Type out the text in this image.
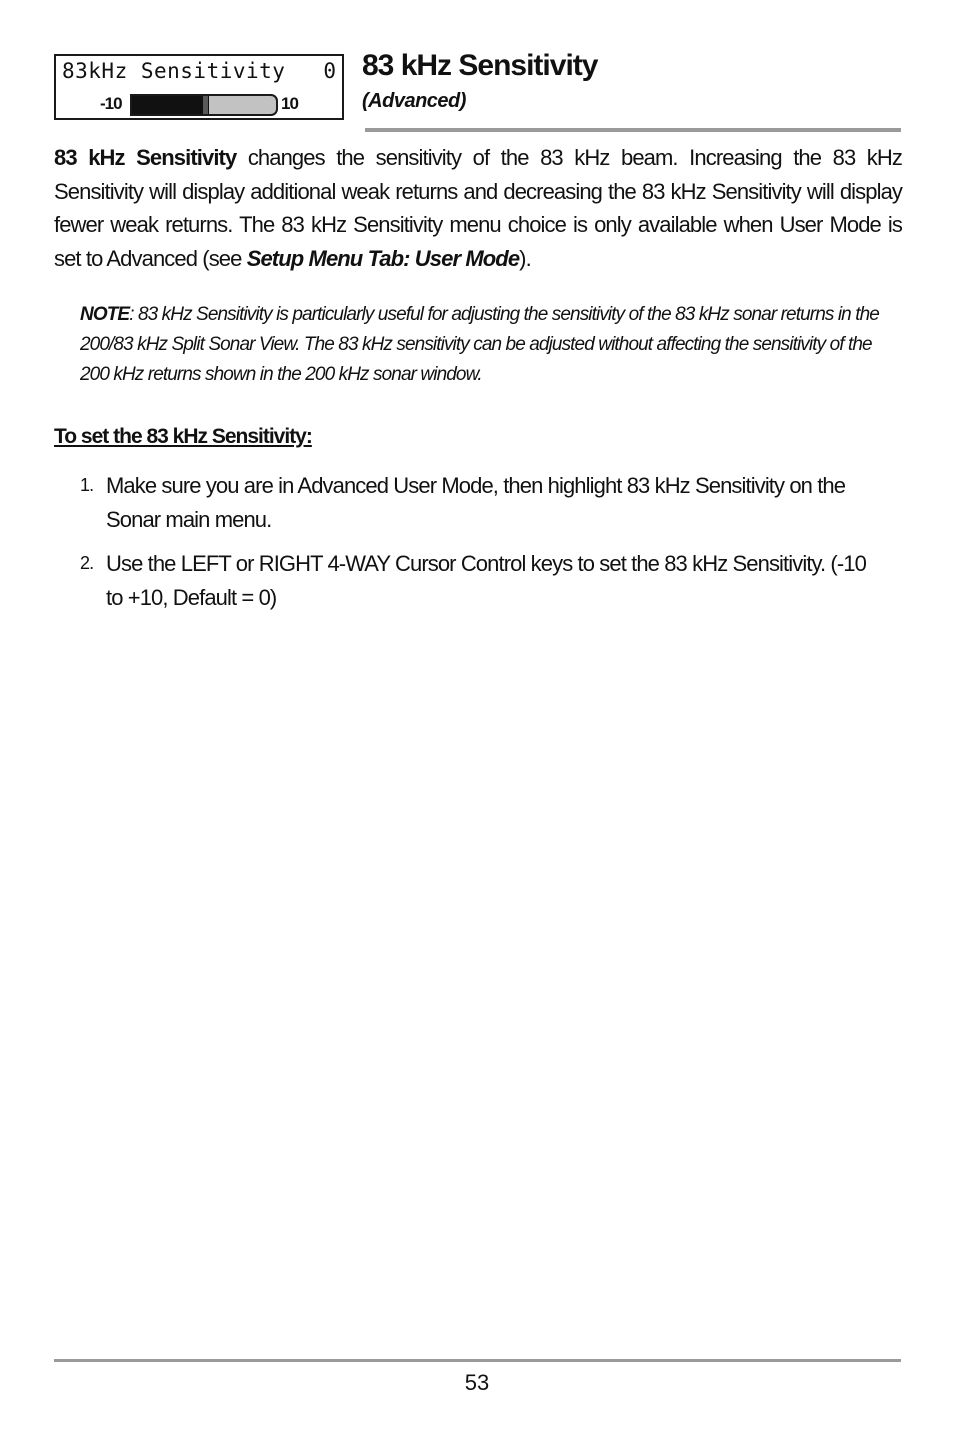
83kHz Sensitivity 0
-10	10
83 kHz Sensitivity
(Advanced)

83 kHz Sensitivity changes the sensitivity of the 83 kHz beam. Increasing the 83 kHz Sensitivity will display additional weak returns and decreasing the 83 kHz Sensitivity will display fewer weak returns. The 83 kHz Sensitivity menu choice is only available when User Mode is set to Advanced (see Setup Menu Tab: User Mode).

NOTE: 83 kHz Sensitivity is particularly useful for adjusting the sensitivity of the 83 kHz sonar returns in the 200/83 kHz Split Sonar View. The 83 kHz sensitivity can be adjusted without affecting the sensitivity of the 200 kHz returns shown in the 200 kHz sonar window.

To set the 83 kHz Sensitivity:
1. Make sure you are in Advanced User Mode, then highlight 83 kHz Sensitivity on the Sonar main menu.
2. Use the LEFT or RIGHT 4-WAY Cursor Control keys to set the 83 kHz Sensitivity. (-10 to +10, Default = 0)
53
